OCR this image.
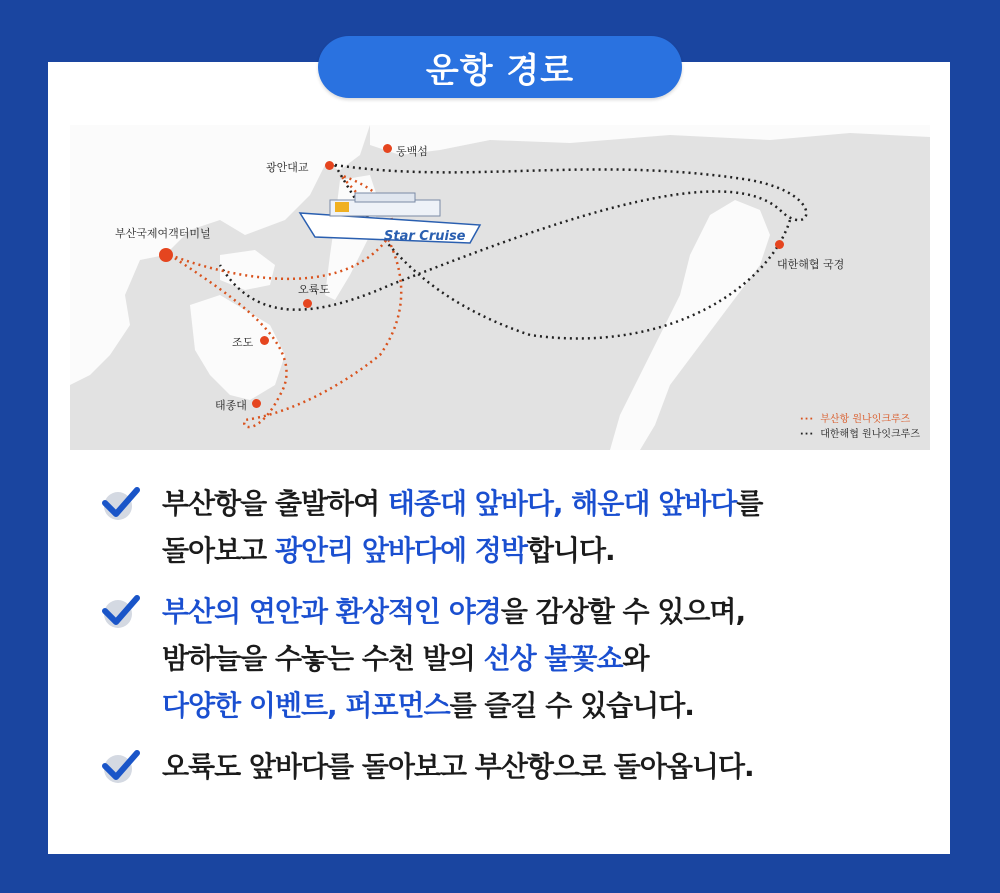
운항 경로
Star Cruise
동백섬
광안대교
부산국제여객터미널
오륙도
조도
태종대
대한해협 국경
··· 부산항 원나잇크루즈
··· 대한해협 원나잇크루즈
부산항을 출발하여 태종대 앞바다, 해운대 앞바다를
돌아보고 광안리 앞바다에 정박합니다.
부산의 연안과 환상적인 야경을 감상할 수 있으며,
밤하늘을 수놓는 수천 발의 선상 불꽃쇼와
다양한 이벤트, 퍼포먼스를 즐길 수 있습니다.
오륙도 앞바다를 돌아보고 부산항으로 돌아옵니다.
